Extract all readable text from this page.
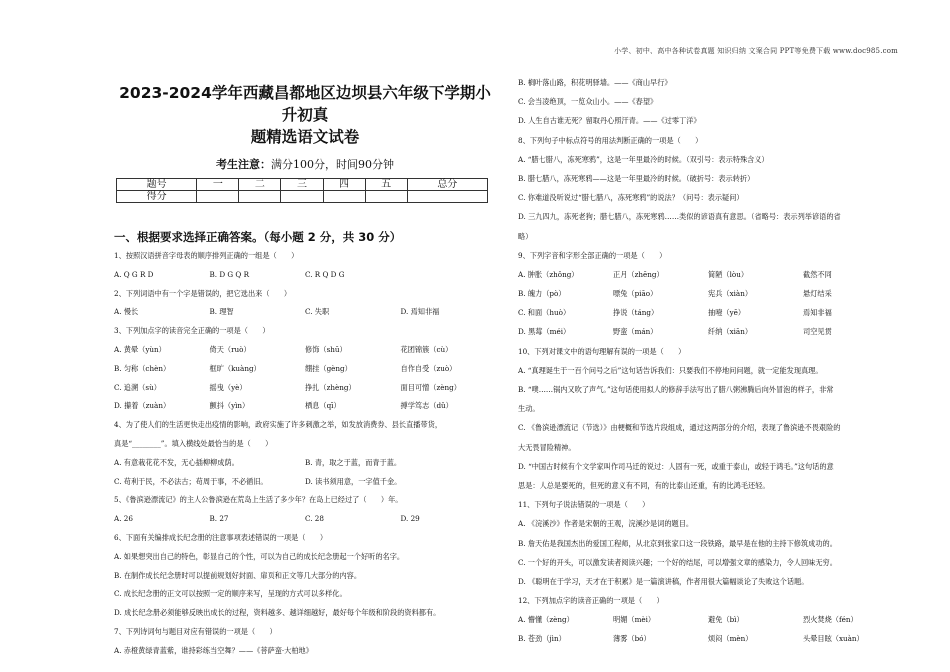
小学、初中、高中各种试卷真题 知识归纳 文案合同 PPT等免费下载 www.doc985.com
2023-2024学年西藏昌都地区边坝县六年级下学期小升初真
题精选语文试卷
考生注意：满分100分，时间90分钟
题号	一	二	三	四	五	总分
得分						
一、根据要求选择正确答案。（每小题 2 分，共 30 分）
1、按照汉语拼音字母表的顺序排列正确的一组是（　　）
A. Q G R D	B. D G Q R	C. R Q D G
2、下列词语中有一个字是错误的，把它选出来（　　）
A. 慢长	B. 理智	C. 失职	D. 焉知非福
3、下列加点字的读音完全正确的一项是（　　）
A. 黄晕（yùn）	倚天（ruò）	修饰（shū）	花团锦簇（cù）
B. 匀称（chèn）	框旷（kuàng）	绷挂（gèng）	自作自受（zuò）
C. 追溯（sù）	摇曳（yè）	挣扎（zhèng）	面目可憎（zèng）
D. 攥着（zuàn）	颤抖（yìn）	栖息（qī）	搏学笃志（dǔ）
4、为了使人们的生活更快走出疫情的影响，政府实施了许多刺激之举，如发放消费券、县长直播带货，
真是“________”。填入横线处最恰当的是（　　）
A. 有意栽花花不发，无心插柳柳成荫。	B. 青，取之于蓝，而青于蓝。
C. 苟利于民，不必法古；苟周于事，不必循旧。	D. 读书须用意，一字值千金。
5、《鲁滨逊漂流记》的主人公鲁滨逊在荒岛上生活了多少年？在岛上已经过了（　　）年。
A. 26	B. 27	C. 28	D. 29
6、下面有关编排成长纪念册的注意事项表述错误的一项是（　　）
A. 如果想突出自己的特色，彰显自己的个性，可以为自己的成长纪念册起一个好听的名字。
B. 在制作成长纪念册时可以提前规划好封面、扉页和正文等几大部分的内容。
C. 成长纪念册的正文可以按照一定的顺序来写，呈现的方式可以多样化。
D. 成长纪念册必须能够反映出成长的过程，资料越多、越详细越好，最好每个年级和阶段的资料都有。
7、下列诗词句与题目对应有错误的一项是（　　）
A. 赤橙黄绿青蓝紫，谁持彩练当空舞？——《菩萨蛮·大柏地》
B. 榈叶落山路，积花明驿墙。——《商山早行》
C. 会当凌绝顶，一览众山小。——《春望》
D. 人生自古谁无死？留取丹心照汗青。——《过零丁洋》
8、下列句子中标点符号的用法判断正确的一项是（　　）
A. “腊七腊八，冻死寒鸦”，这是一年里最冷的时候。（双引号：表示特殊含义）
B. 腊七腊八，冻死寒鸦——这是一年里最冷的时候。（破折号：表示转折）
C. 你难道没听说过“腊七腊八，冻死寒鸦”的说法？（问号：表示疑问）
D. 三九四九，冻死老狗；腊七腊八，冻死寒鸦……类似的谚语真有意思。（省略号：表示列举谚语的省
略）
9、下列字音和字形全部正确的一项是（　　）
A. 肿胀（zhǒng）	正月（zhēng）	简陋（lòu）	截然不同
B. 魄力（pò）	嘌兔（piāo）	宪兵（xiàn）	悬灯结采
C. 和面（huò）	挣说（táng）	抽噎（yē）	焉知非福
D. 黑莓（méi）	野蛮（mán）	纤纳（xiān）	司空见贯
10、下列对课文中的语句理解有误的一项是（　　）
A. “真理诞生于一百个问号之后”这句话告诉我们：只要我们不停地问问题，就一定能发现真理。
B. “噗……锅内又吹了声气。”这句话使用拟人的修辞手法写出了腊八粥沸腾后向外冒泡的样子，非常
生动。
C. 《鲁滨逊漂流记（节选）》由梗概和节选片段组成，通过这两部分的介绍，表现了鲁滨逊不畏艰险的
大无畏冒险精神。
D. “中国古时候有个文学家叫作司马迁的说过：人固有一死，或重于泰山，或轻于鸿毛。”这句话的意
思是：人总是要死的，但死的意义有不同，有的比泰山还重，有的比鸿毛还轻。
11、下列句子说法错误的一项是（　　）
A. 《浣溪沙》作者是宋朝的王观，浣溪沙是词的题目。
B. 詹天佑是我国杰出的爱国工程师，从北京到张家口这一段铁路，最早是在他的主持下修筑成功的。
C. 一个好的开头，可以激发读者阅读兴趣；一个好的结尾，可以增强文章的感染力，令人回味无穷。
D. 《聪明在于学习，天才在于积累》是一篇演讲稿，作者用很大篇幅谈论了失败这个话题。
12、下列加点字的读音正确的一项是（　　）
A. 懵懂（zèng）	明媚（mèi）	避免（bì）	烈火焚烧（fén）
B. 苍劲（jìn）	薄雾（bó）	烦闷（mèn）	头晕目眩（xuàn）
